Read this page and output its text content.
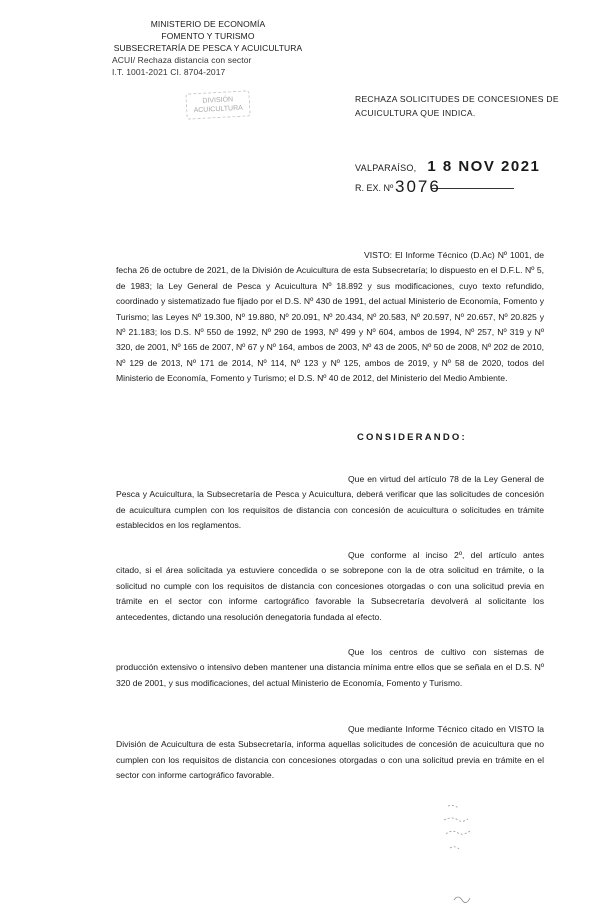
MINISTERIO DE ECONOMÍA
FOMENTO Y TURISMO
SUBSECRETARÍA DE PESCA Y ACUICULTURA
ACUI/ Rechaza distancia con sector
I.T. 1001-2021 CI. 8704-2017
DIVISIÓN
ACUICULTURA
RECHAZA SOLICITUDES DE CONCESIONES DE ACUICULTURA QUE INDICA.
VALPARAÍSO, 1 8 NOV 2021
R. EX. Nº 3076
VISTO: El Informe Técnico (D.Ac) Nº 1001, de fecha 26 de octubre de 2021, de la División de Acuicultura de esta Subsecretaría; lo dispuesto en el D.F.L. Nº 5, de 1983; la Ley General de Pesca y Acuicultura Nº 18.892 y sus modificaciones, cuyo texto refundido, coordinado y sistematizado fue fijado por el D.S. Nº 430 de 1991, del actual Ministerio de Economía, Fomento y Turismo; las Leyes Nº 19.300, Nº 19.880, Nº 20.091, Nº 20.434, Nº 20.583, Nº 20.597, Nº 20.657, Nº 20.825 y Nº 21.183; los D.S. Nº 550 de 1992, Nº 290 de 1993, Nº 499 y Nº 604, ambos de 1994, Nº 257, Nº 319 y Nº 320, de 2001, Nº 165 de 2007, Nº 67 y Nº 164, ambos de 2003, Nº 43 de 2005, Nº 50 de 2008, Nº 202 de 2010, Nº 129 de 2013, Nº 171 de 2014, Nº 114, Nº 123 y Nº 125, ambos de 2019, y Nº 58 de 2020, todos del Ministerio de Economía, Fomento y Turismo; el D.S. Nº 40 de 2012, del Ministerio del Medio Ambiente.
CONSIDERANDO:
Que en virtud del artículo 78 de la Ley General de Pesca y Acuicultura, la Subsecretaría de Pesca y Acuicultura, deberá verificar que las solicitudes de concesión de acuicultura cumplen con los requisitos de distancia con concesión de acuicultura o solicitudes en trámite establecidos en los reglamentos.
Que conforme al inciso 2º, del artículo antes citado, si el área solicitada ya estuviere concedida o se sobrepone con la de otra solicitud en trámite, o la solicitud no cumple con los requisitos de distancia con concesiones otorgadas o con una solicitud previa en trámite en el sector con informe cartográfico favorable la Subsecretaría devolverá al solicitante los antecedentes, dictando una resolución denegatoria fundada al efecto.
Que los centros de cultivo con sistemas de producción extensivo o intensivo deben mantener una distancia mínima entre ellos que se señala en el D.S. Nº 320 de 2001, y sus modificaciones, del actual Ministerio de Economía, Fomento y Turismo.
Que mediante Informe Técnico citado en VISTO la División de Acuicultura de esta Subsecretaría, informa aquellas solicitudes de concesión de acuicultura que no cumplen con los requisitos de distancia con concesiones otorgadas o con una solicitud previa en trámite en el sector con informe cartográfico favorable.
